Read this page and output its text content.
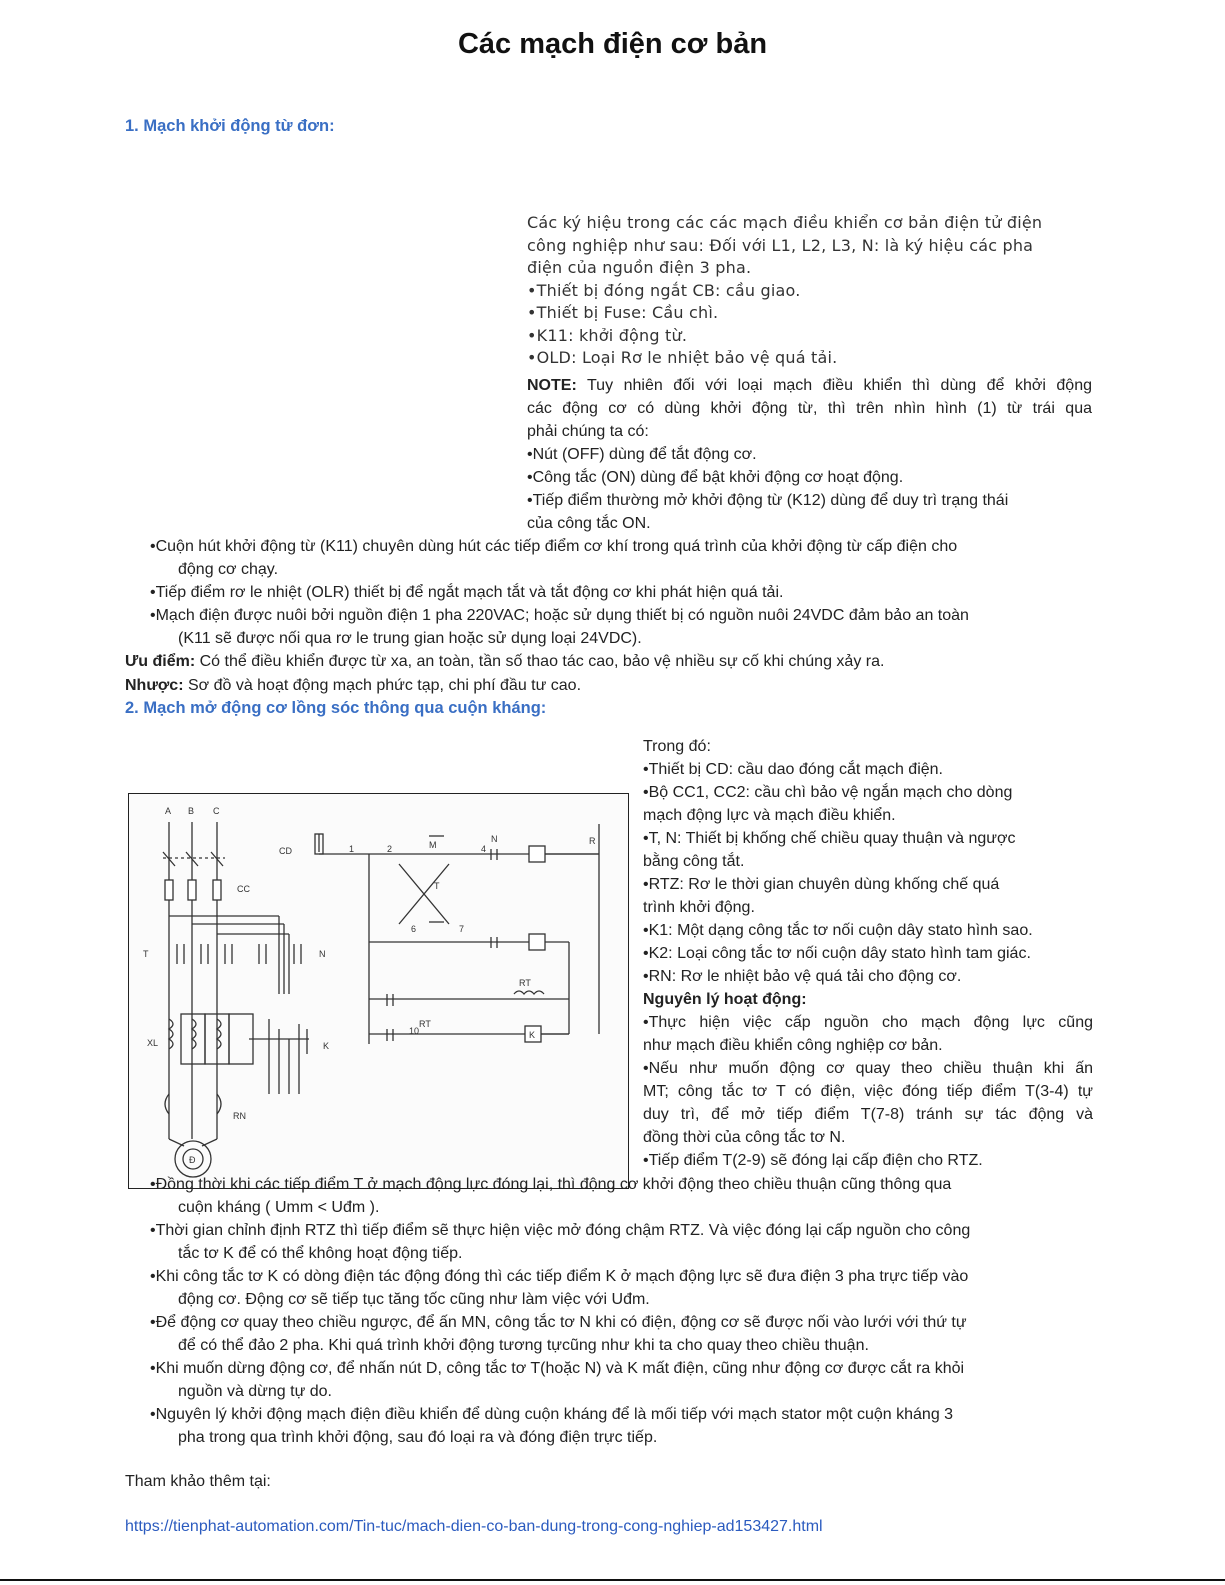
Các mạch điện cơ bản
1. Mạch khởi động từ đơn:
Các ký hiệu trong các các mạch điều khiển cơ bản điện tử điện
công nghiệp như sau: Đối với L1, L2, L3, N: là ký hiệu các pha
điện của nguồn điện 3 pha.
•Thiết bị đóng ngắt CB: cầu giao.
•Thiết bị Fuse: Cầu chì.
•K11: khởi động từ.
•OLD: Loại Rơ le nhiệt bảo vệ quá tải.
NOTE: Tuy nhiên đối với loại mạch điều khiển thì dùng để khởi động
các động cơ có dùng khởi động từ, thì trên nhìn hình (1) từ trái qua
phải chúng ta có:
•Nút (OFF) dùng để tắt động cơ.
•Công tắc (ON) dùng để bật khởi động cơ hoạt động.
•Tiếp điểm thường mở khởi động từ (K12) dùng để duy trì trạng thái
của công tắc ON.
•Cuộn hút khởi động từ (K11) chuyên dùng hút các tiếp điểm cơ khí trong quá trình của khởi động từ cấp điện cho
động cơ chạy.
•Tiếp điểm rơ le nhiệt (OLR) thiết bị để ngắt mạch tắt và tắt động cơ khi phát hiện quá tải.
•Mạch điện được nuôi bởi nguồn điện 1 pha 220VAC; hoặc sử dụng thiết bị có nguồn nuôi 24VDC đảm bảo an toàn
(K11 sẽ được nối qua rơ le trung gian hoặc sử dụng loại 24VDC).
Ưu điểm: Có thể điều khiển được từ xa, an toàn, tần số thao tác cao, bảo vệ nhiều sự cố khi chúng xảy ra.
Nhược: Sơ đồ và hoạt động mạch phức tạp, chi phí đầu tư cao.
2. Mạch mở động cơ lồng sóc thông qua cuộn kháng:
Trong đó:
•Thiết bị CD: cầu dao đóng cắt mạch điện.
•Bộ CC1, CC2: cầu chì bảo vệ ngắn mạch cho dòng
mạch động lực và mạch điều khiển.
•T, N: Thiết bị khống chế chiều quay thuận và ngược
bằng công tắt.
•RTZ: Rơ le thời gian chuyên dùng khống chế quá
trình khởi động.
•K1: Một dạng công tắc tơ nối cuộn dây stato hình sao.
•K2: Loại công tắc tơ nối cuộn dây stato hình tam giác.
•RN: Rơ le nhiệt bảo vệ quá tải cho động cơ.
Nguyên lý hoạt động:
•Thực hiện việc cấp nguồn cho mạch động lực cũng
như mạch điều khiển công nghiệp cơ bản.
•Nếu như muốn động cơ quay theo chiều thuận khi ấn
MT; công tắc tơ T có điện, việc đóng tiếp điểm T(3-4) tự
duy trì, để mở tiếp điểm T(7-8) tránh sự tác động và
đồng thời của công tắc tơ N.
•Tiếp điểm T(2-9) sẽ đóng lại cấp điện cho RTZ.
A B C
CD
CC
T	N
XL	K
RN
M
N
T
RT
RT
K
Đ
1	2	4
6	7
10
R
•Đồng thời khi các tiếp điểm T ở mạch động lực đóng lại, thì động cơ khởi động theo chiều thuận cũng thông qua
cuộn kháng ( Umm < Uđm ).
•Thời gian chỉnh định RTZ thì tiếp điểm sẽ thực hiện việc mở đóng chậm RTZ. Và việc đóng lại cấp nguồn cho công
tắc tơ K để có thể không hoạt động tiếp.
•Khi công tắc tơ K có dòng điện tác động đóng thì các tiếp điểm K ở mạch động lực sẽ đưa điện 3 pha trực tiếp vào
động cơ. Động cơ sẽ tiếp tục tăng tốc cũng như làm việc với Uđm.
•Để động cơ quay theo chiều ngược, để ấn MN, công tắc tơ N khi có điện, động cơ sẽ được nối vào lưới với thứ tự
để có thể đảo 2 pha. Khi quá trình khởi động tương tựcũng như khi ta cho quay theo chiều thuận.
•Khi muốn dừng động cơ, để nhấn nút D, công tắc tơ T(hoặc N) và K mất điện, cũng như động cơ được cắt ra khỏi
nguồn và dừng tự do.
•Nguyên lý khởi động mạch điện điều khiển để dùng cuộn kháng để là mối tiếp với mạch stator một cuộn kháng 3
pha trong qua trình khởi động, sau đó loại ra và đóng điện trực tiếp.
Tham khảo thêm tại:
https://tienphat-automation.com/Tin-tuc/mach-dien-co-ban-dung-trong-cong-nghiep-ad153427.html
